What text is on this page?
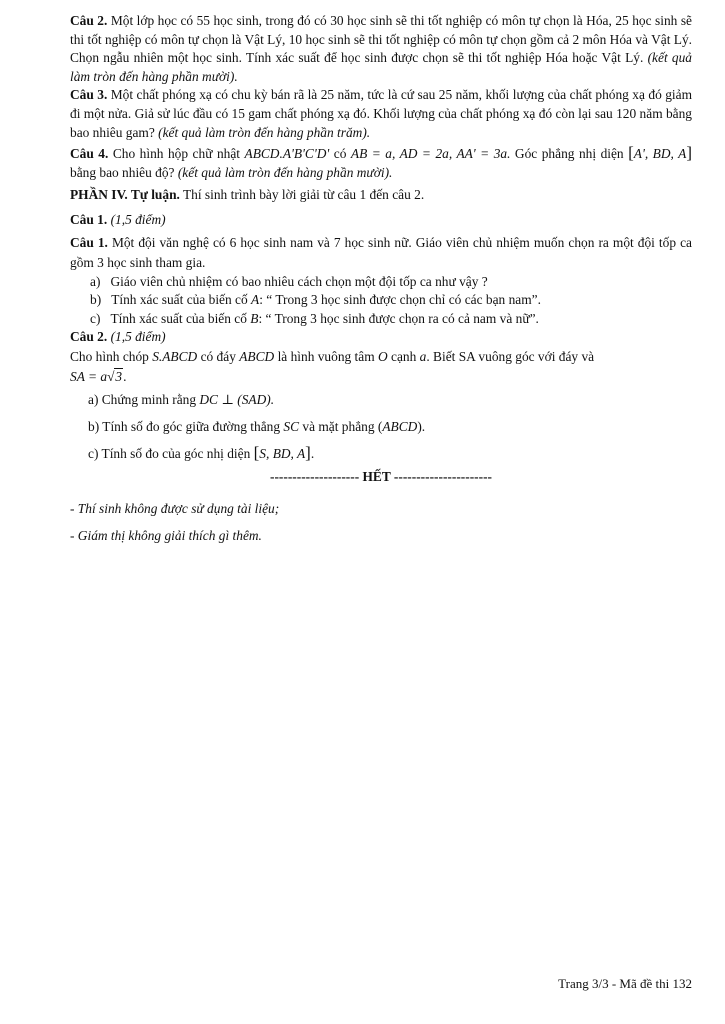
Câu 2. Một lớp học có 55 học sinh, trong đó có 30 học sinh sẽ thi tốt nghiệp có môn tự chọn là Hóa, 25 học sinh sẽ thi tốt nghiệp có môn tự chọn là Vật Lý, 10 học sinh sẽ thi tốt nghiệp có môn tự chọn gồm cả 2 môn Hóa và Vật Lý. Chọn ngẫu nhiên một học sinh. Tính xác suất để học sinh được chọn sẽ thi tốt nghiệp Hóa hoặc Vật Lý. (kết quả làm tròn đến hàng phần mười).

Câu 3. Một chất phóng xạ có chu kỳ bán rã là 25 năm, tức là cứ sau 25 năm, khối lượng của chất phóng xạ đó giảm đi một nửa. Giả sử lúc đầu có 15 gam chất phóng xạ đó. Khối lượng của chất phóng xạ đó còn lại sau 120 năm bằng bao nhiêu gam? (kết quả làm tròn đến hàng phần trăm).

Câu 4. Cho hình hộp chữ nhật ABCD.A'B'C'D' có AB = a, AD = 2a, AA' = 3a. Góc phẳng nhị diện [A', BD, A] bằng bao nhiêu độ? (kết quả làm tròn đến hàng phần mười).

PHẦN IV. Tự luận. Thí sinh trình bày lời giải từ câu 1 đến câu 2.

Câu 1. (1,5 điểm)

Câu 1. Một đội văn nghệ có 6 học sinh nam và 7 học sinh nữ. Giáo viên chủ nhiệm muốn chọn ra một đội tốp ca gồm 3 học sinh tham gia.

a) Giáo viên chủ nhiệm có bao nhiêu cách chọn một đội tốp ca như vậy ?
b) Tính xác suất của biến cố A: “ Trong 3 học sinh được chọn chỉ có các bạn nam”.
c) Tính xác suất của biến cố B: “ Trong 3 học sinh được chọn ra có cả nam và nữ”.

Câu 2. (1,5 điểm)

Cho hình chóp S.ABCD có đáy ABCD là hình vuông tâm O cạnh a. Biết SA vuông góc với đáy và
SA = a√3.

a) Chứng minh rằng DC ⊥ (SAD).
b) Tính số đo góc giữa đường thẳng SC và mặt phẳng (ABCD).
c) Tính số đo của góc nhị diện [S, BD, A].

-------------------- HẾT ----------------------

- Thí sinh không được sử dụng tài liệu;

- Giám thị không giải thích gì thêm.

Trang 3/3 - Mã đề thi 132
